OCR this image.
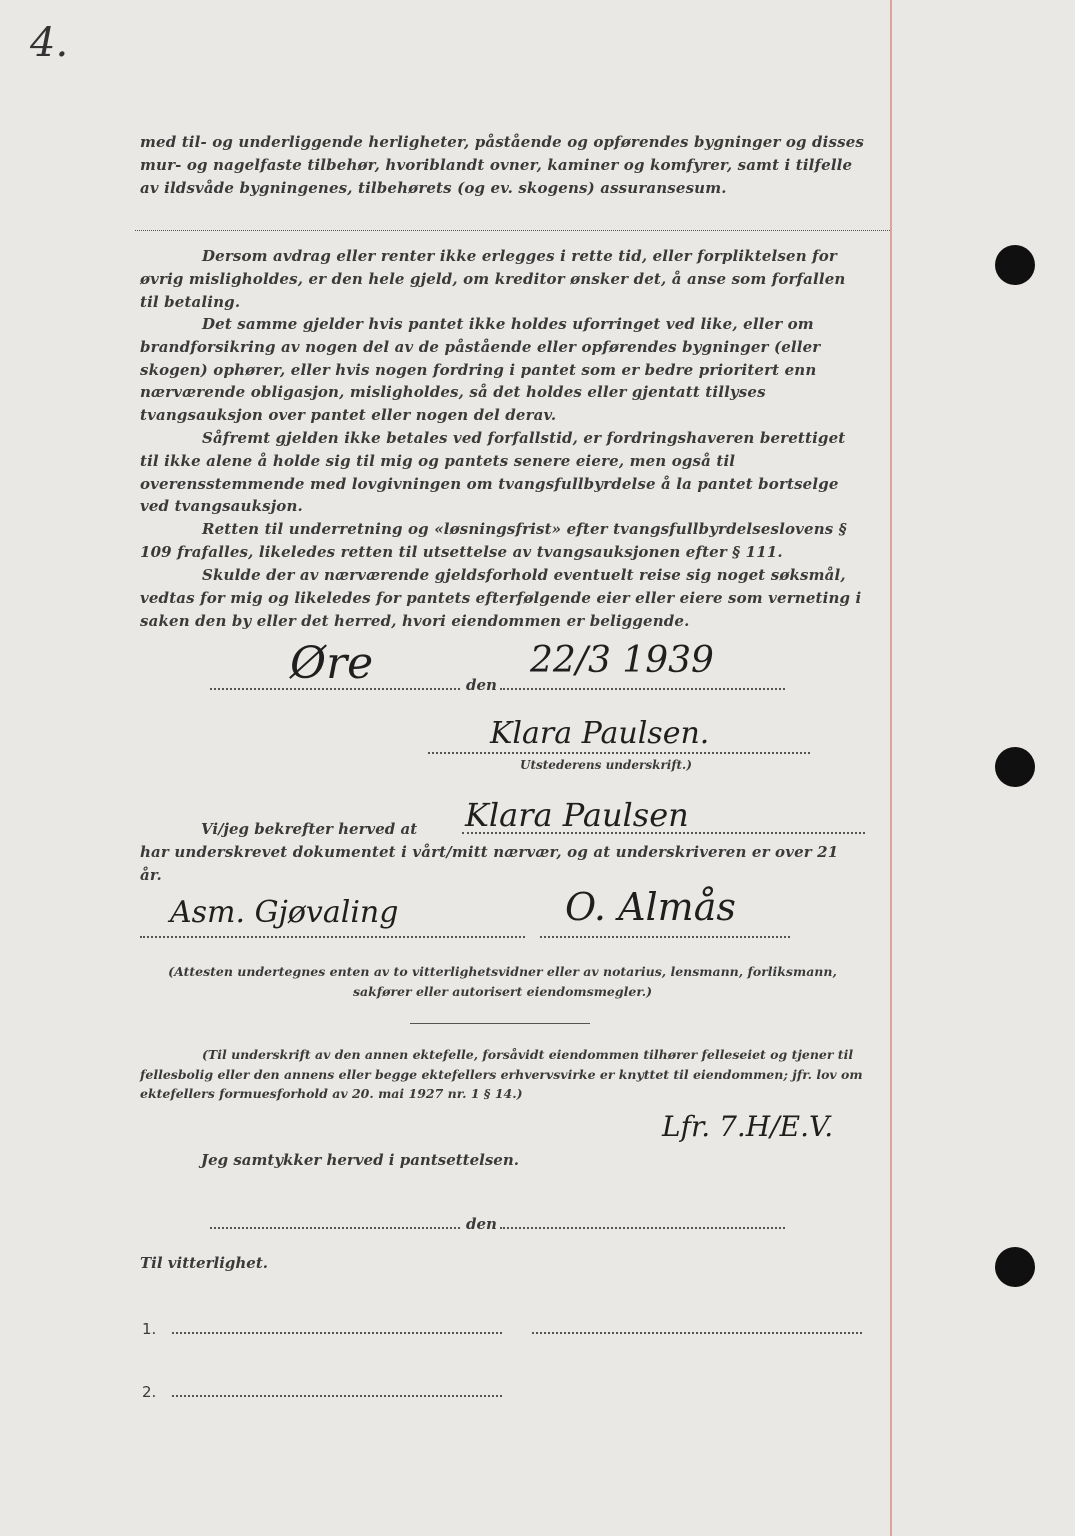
4.
med til- og underliggende herligheter, påstående og opførendes bygninger og disses mur- og nagelfaste tilbehør, hvoriblandt ovner, kaminer og komfyrer, samt i tilfelle av ildsvåde bygningenes, tilbehørets (og ev. skogens) assuransesum.
Dersom avdrag eller renter ikke erlegges i rette tid, eller forpliktelsen for øvrig misligholdes, er den hele gjeld, om kreditor ønsker det, å anse som forfallen til betaling.
Det samme gjelder hvis pantet ikke holdes uforringet ved like, eller om brandforsikring av nogen del av de påstående eller opførendes bygninger (eller skogen) ophører, eller hvis nogen fordring i pantet som er bedre prioritert enn nærværende obligasjon, misligholdes, så det holdes eller gjentatt tillyses tvangsauksjon over pantet eller nogen del derav.
Såfremt gjelden ikke betales ved forfallstid, er fordringshaveren berettiget til ikke alene å holde sig til mig og pantets senere eiere, men også til overensstemmende med lovgivningen om tvangsfullbyrdelse å la pantet bortselge ved tvangsauksjon.
Retten til underretning og «løsningsfrist» efter tvangsfullbyrdelseslovens § 109 frafalles, likeledes retten til utsettelse av tvangsauksjonen efter § 111.
Skulde der av nærværende gjeldsforhold eventuelt reise sig noget søksmål, vedtas for mig og likeledes for pantets efterfølgende eier eller eiere som verneting i saken den by eller det herred, hvori eiendommen er beliggende.
Øre	den
22/3 1939
Klara Paulsen.
Utstederens underskrift.)
Vi/jeg bekrefter herved at Klara Paulsen
har underskrevet dokumentet i vårt/mitt nærvær, og at underskriveren er over 21 år.
Asm. Gjøvaling	O. Almås
(Attesten undertegnes enten av to vitterlighetsvidner eller av notarius, lensmann, forliksmann, sakfører eller autorisert eiendomsmegler.)
(Til underskrift av den annen ektefelle, forsåvidt eiendommen tilhører felleseiet og tjener til fellesbolig eller den annens eller begge ektefellers erhvervsvirke er knyttet til eiendommen; jfr. lov om ektefellers formuesforhold av 20. mai 1927 nr. 1 § 14.)
Lfr. 7.H/E.V.
Jeg samtykker herved i pantsettelsen.
den
Til vitterlighet.
1.
2.
